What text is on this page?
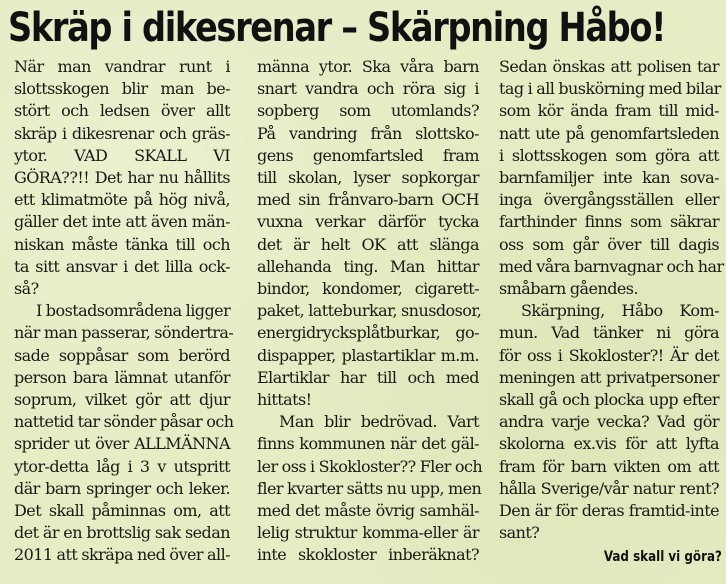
Skräp i dikesrenar – Skärpning Håbo!
När man vandrar runt i
slottsskogen blir man be-
stört och ledsen över allt
skräp i dikesrenar och gräs-
ytor. VAD SKALL VI
GÖRA??!! Det har nu hållits
ett klimatmöte på hög nivå,
gäller det inte att även män-
niskan måste tänka till och
ta sitt ansvar i det lilla ock-
så?
I bostadsområdena ligger
när man passerar, söndertra-
sade soppåsar som berörd
person bara lämnat utanför
soprum, vilket gör att djur
nattetid tar sönder påsar och
sprider ut över ALLMÄNNA
ytor-detta låg i 3 v utspritt
där barn springer och leker.
Det skall påminnas om, att
det är en brottslig sak sedan
2011 att skräpa ned över all-
männa ytor. Ska våra barn
snart vandra och röra sig i
sopberg som utomlands?
På vandring från slottsko-
gens genomfartsled fram
till skolan, lyser sopkorgar
med sin frånvaro-barn OCH
vuxna verkar därför tycka
det är helt OK att slänga
allehanda ting. Man hittar
bindor, kondomer, cigarett-
paket, latteburkar, snusdosor,
energidrycksplåtburkar, go-
dispapper, plastartiklar m.m.
Elartiklar har till och med
hittats!
Man blir bedrövad. Vart
finns kommunen när det gäl-
ler oss i Skokloster?? Fler och
fler kvarter sätts nu upp, men
med det måste övrig samhäl-
lelig struktur komma-eller är
inte skokloster inberäknat?
Sedan önskas att polisen tar
tag i all buskörning med bilar
som kör ända fram till mid-
natt ute på genomfartsleden
i slottsskogen som göra att
barnfamiljer inte kan sova-
inga övergångsställen eller
farthinder finns som säkrar
oss som går över till dagis
med våra barnvagnar och har
småbarn gåendes.
Skärpning, Håbo Kom-
mun. Vad tänker ni göra
för oss i Skokloster?! Är det
meningen att privatpersoner
skall gå och plocka upp efter
andra varje vecka? Vad gör
skolorna ex.vis för att lyfta
fram för barn vikten om att
hålla Sverige/vår natur rent?
Den är för deras framtid-inte
sant?
Vad skall vi göra?
